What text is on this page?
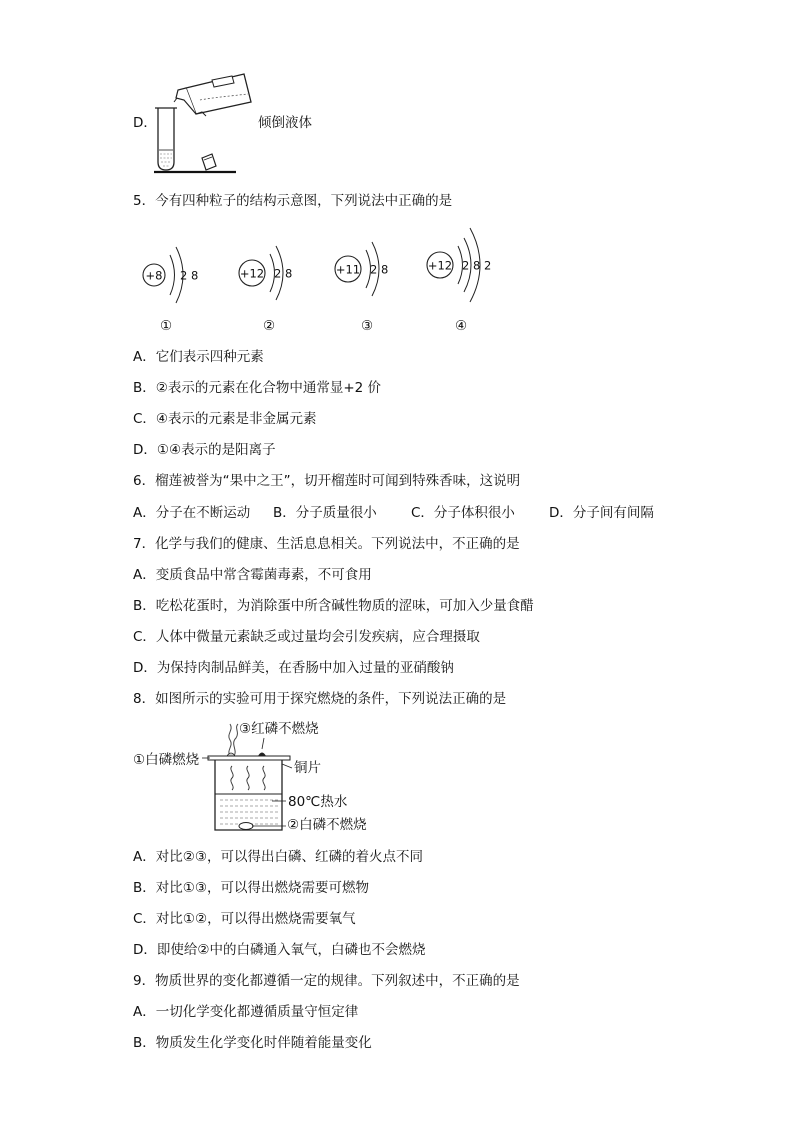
D．	倾倒液体
5．今有四种粒子的结构示意图，下列说法中正确的是
+8 2 8	+12 2 8	+11 2 8	+12 2 8 2
①	②	③	④
A．它们表示四种元素
B．②表示的元素在化合物中通常显+2 价
C．④表示的元素是非金属元素
D．①④表示的是阳离子
6．榴莲被誉为“果中之王”，切开榴莲时可闻到特殊香味，这说明
A．分子在不断运动 B．分子质量很小	C．分子体积很小	D．分子间有间隔
7．化学与我们的健康、生活息息相关。下列说法中，不正确的是
A．变质食品中常含霉菌毒素，不可食用
B．吃松花蛋时，为消除蛋中所含碱性物质的涩味，可加入少量食醋
C．人体中微量元素缺乏或过量均会引发疾病，应合理摄取
D．为保持肉制品鲜美，在香肠中加入过量的亚硝酸钠
8．如图所示的实验可用于探究燃烧的条件，下列说法正确的是
③红磷不燃烧
①白磷燃烧	铜片
80℃热水
②白磷不燃烧
A．对比②③，可以得出白磷、红磷的着火点不同
B．对比①③，可以得出燃烧需要可燃物
C．对比①②，可以得出燃烧需要氧气
D．即使给②中的白磷通入氧气，白磷也不会燃烧
9．物质世界的变化都遵循一定的规律。下列叙述中，不正确的是
A．一切化学变化都遵循质量守恒定律
B．物质发生化学变化时伴随着能量变化
